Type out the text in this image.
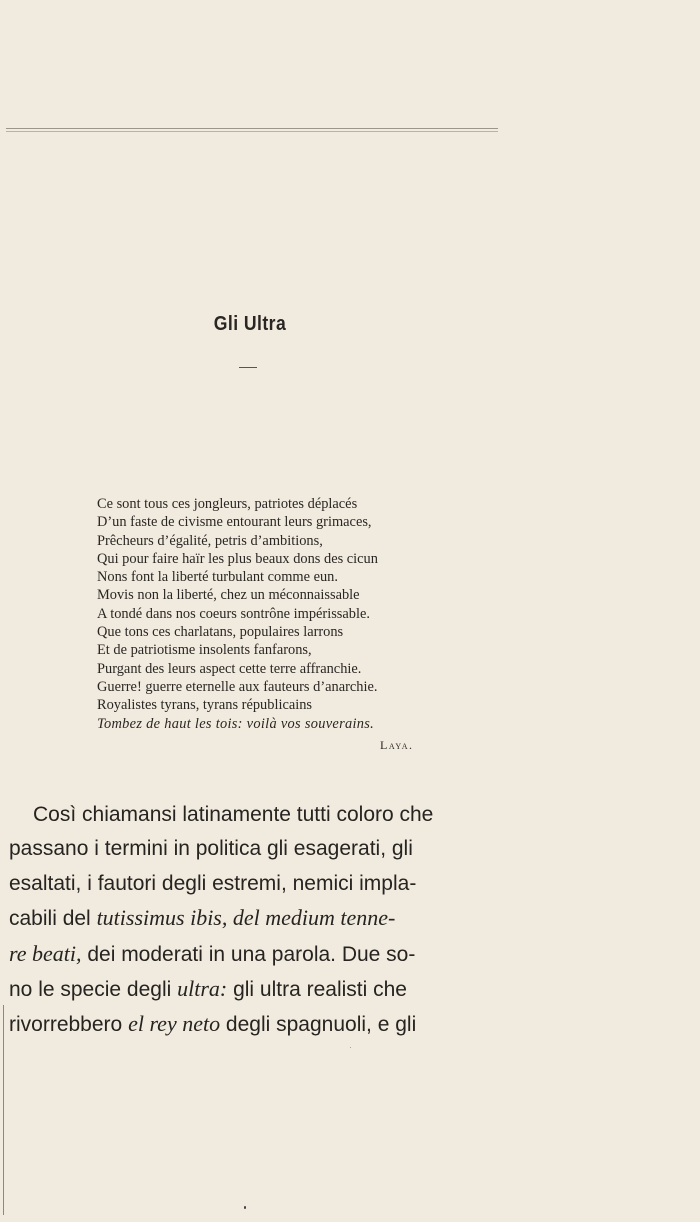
Gli Ultra
Ce sont tous ces jongleurs, patriotes déplacés
D’un faste de civisme entourant leurs grimaces,
Prêcheurs d’égalité, petris d’ambitions,
Qui pour faire haïr les plus beaux dons des cicun
Nons font la liberté turbulant comme eun.
Movis non la liberté, chez un méconnaissable
A tondé dans nos coeurs sontrône impérissable.
Que tons ces charlatans, populaires larrons
Et de patriotisme insolents fanfarons,
Purgant des leurs aspect cette terre affranchie.
Guerre! guerre eternelle aux fauteurs d’anarchie.
Royalistes tyrans, tyrans républicains
Tombez de haut les tois: voilà vos souverains.
Laya.
Così chiamansi latinamente tutti coloro che
passano i termini in politica gli esagerati, gli
esaltati, i fautori degli estremi, nemici impla-
cabili del tutissimus ibis, del medium tenne-
re beati, dei moderati in una parola. Due so-
no le specie degli ultra: gli ultra realisti che
rivorrebbero el rey neto degli spagnuoli, e gli
